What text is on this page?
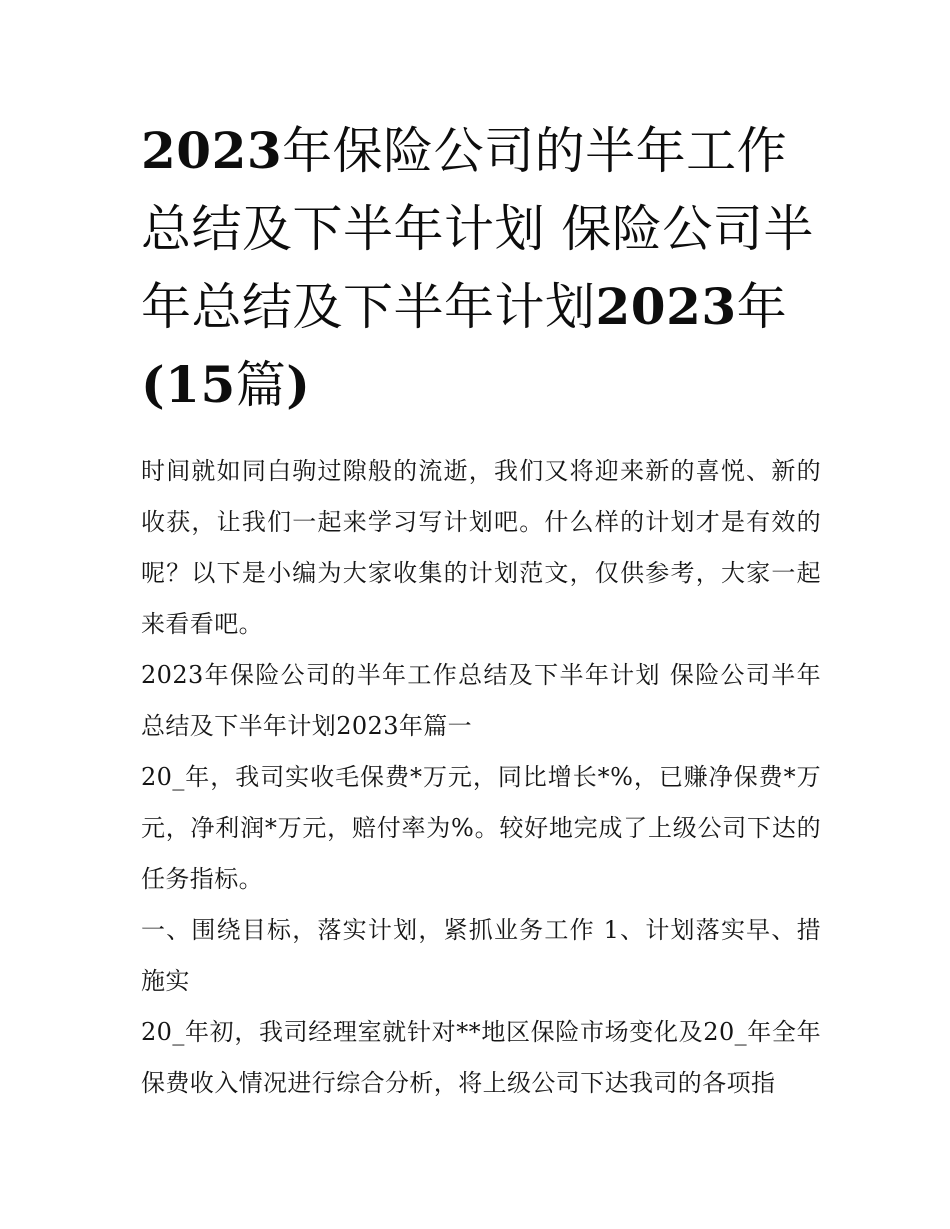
2023年保险公司的半年工作总结及下半年计划 保险公司半年总结及下半年计划2023年(15篇)

时间就如同白驹过隙般的流逝，我们又将迎来新的喜悦、新的收获，让我们一起来学习写计划吧。什么样的计划才是有效的呢？以下是小编为大家收集的计划范文，仅供参考，大家一起来看看吧。

2023年保险公司的半年工作总结及下半年计划 保险公司半年总结及下半年计划2023年篇一

20_年，我司实收毛保费*万元，同比增长*%，已赚净保费*万元，净利润*万元，赔付率为%。较好地完成了上级公司下达的任务指标。

一、围绕目标，落实计划，紧抓业务工作 1、计划落实早、措施实

20_年初，我司经理室就针对**地区保险市场变化及20_年全年保费收入情况进行综合分析，将上级公司下达我司的各项指
